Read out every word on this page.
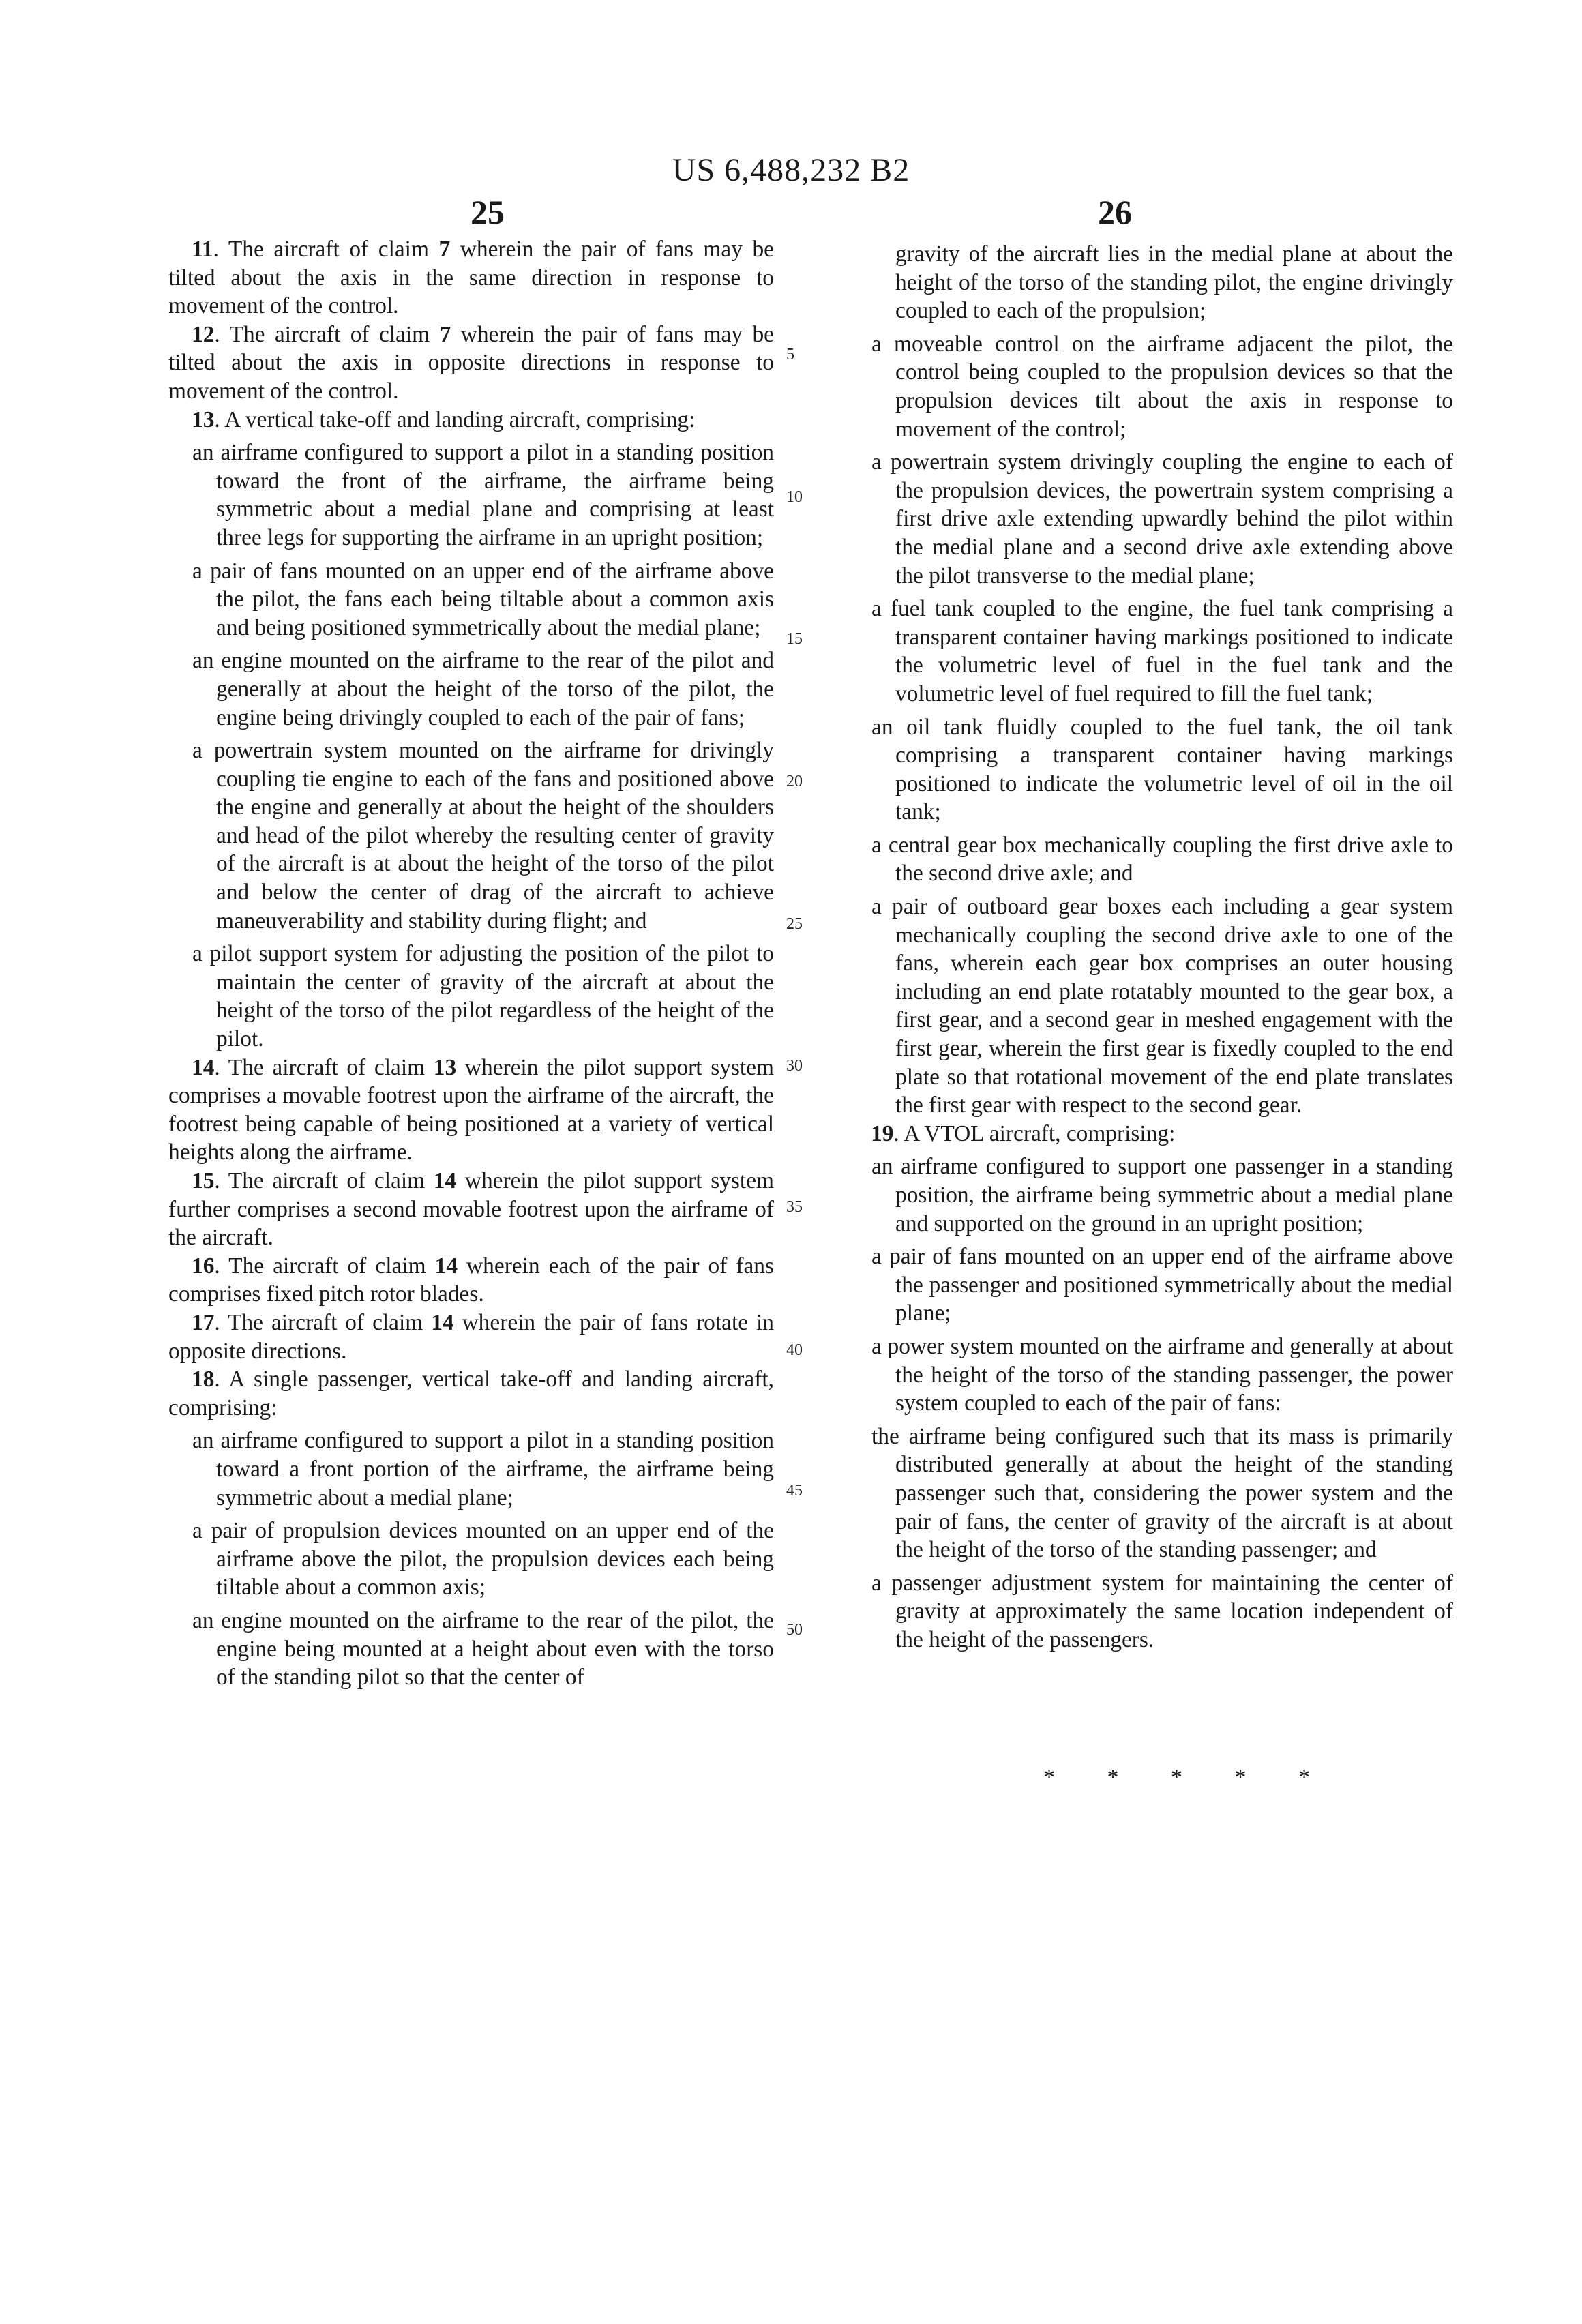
US 6,488,232 B2
25	26

11. The aircraft of claim 7 wherein the pair of fans may be tilted about the axis in the same direction in response to movement of the control.

12. The aircraft of claim 7 wherein the pair of fans may be tilted about the axis in opposite directions in response to movement of the control.

13. A vertical take-off and landing aircraft, comprising:

an airframe configured to support a pilot in a standing position toward the front of the airframe, the airframe being symmetric about a medial plane and comprising at least three legs for supporting the airframe in an upright position;

a pair of fans mounted on an upper end of the airframe above the pilot, the fans each being tiltable about a common axis and being positioned symmetrically about the medial plane;

an engine mounted on the airframe to the rear of the pilot and generally at about the height of the torso of the pilot, the engine being drivingly coupled to each of the pair of fans;

a powertrain system mounted on the airframe for drivingly coupling tie engine to each of the fans and positioned above the engine and generally at about the height of the shoulders and head of the pilot whereby the resulting center of gravity of the aircraft is at about the height of the torso of the pilot and below the center of drag of the aircraft to achieve maneuverability and stability during flight; and

a pilot support system for adjusting the position of the pilot to maintain the center of gravity of the aircraft at about the height of the torso of the pilot regardless of the height of the pilot.

14. The aircraft of claim 13 wherein the pilot support system comprises a movable footrest upon the airframe of the aircraft, the footrest being capable of being positioned at a variety of vertical heights along the airframe.

15. The aircraft of claim 14 wherein the pilot support system further comprises a second movable footrest upon the airframe of the aircraft.

16. The aircraft of claim 14 wherein each of the pair of fans comprises fixed pitch rotor blades.

17. The aircraft of claim 14 wherein the pair of fans rotate in opposite directions.

18. A single passenger, vertical take-off and landing aircraft, comprising:

an airframe configured to support a pilot in a standing position toward a front portion of the airframe, the airframe being symmetric about a medial plane;

a pair of propulsion devices mounted on an upper end of the airframe above the pilot, the propulsion devices each being tiltable about a common axis;

an engine mounted on the airframe to the rear of the pilot, the engine being mounted at a height about even with the torso of the standing pilot so that the center of

gravity of the aircraft lies in the medial plane at about the height of the torso of the standing pilot, the engine drivingly coupled to each of the propulsion;

a moveable control on the airframe adjacent the pilot, the control being coupled to the propulsion devices so that the propulsion devices tilt about the axis in response to movement of the control;

a powertrain system drivingly coupling the engine to each of the propulsion devices, the powertrain system comprising a first drive axle extending upwardly behind the pilot within the medial plane and a second drive axle extending above the pilot transverse to the medial plane;

a fuel tank coupled to the engine, the fuel tank comprising a transparent container having markings positioned to indicate the volumetric level of fuel in the fuel tank and the volumetric level of fuel required to fill the fuel tank;

an oil tank fluidly coupled to the fuel tank, the oil tank comprising a transparent container having markings positioned to indicate the volumetric level of oil in the oil tank;

a central gear box mechanically coupling the first drive axle to the second drive axle; and

a pair of outboard gear boxes each including a gear system mechanically coupling the second drive axle to one of the fans, wherein each gear box comprises an outer housing including an end plate rotatably mounted to the gear box, a first gear, and a second gear in meshed engagement with the first gear, wherein the first gear is fixedly coupled to the end plate so that rotational movement of the end plate translates the first gear with respect to the second gear.

19. A VTOL aircraft, comprising:

an airframe configured to support one passenger in a standing position, the airframe being symmetric about a medial plane and supported on the ground in an upright position;

a pair of fans mounted on an upper end of the airframe above the passenger and positioned symmetrically about the medial plane;

a power system mounted on the airframe and generally at about the height of the torso of the standing passenger, the power system coupled to each of the pair of fans:

the airframe being configured such that its mass is primarily distributed generally at about the height of the standing passenger such that, considering the power system and the pair of fans, the center of gravity of the aircraft is at about the height of the torso of the standing passenger; and

a passenger adjustment system for maintaining the center of gravity at approximately the same location independent of the height of the passengers.

5
10
15
20
25
30
35
40
45
50
* * * * *
